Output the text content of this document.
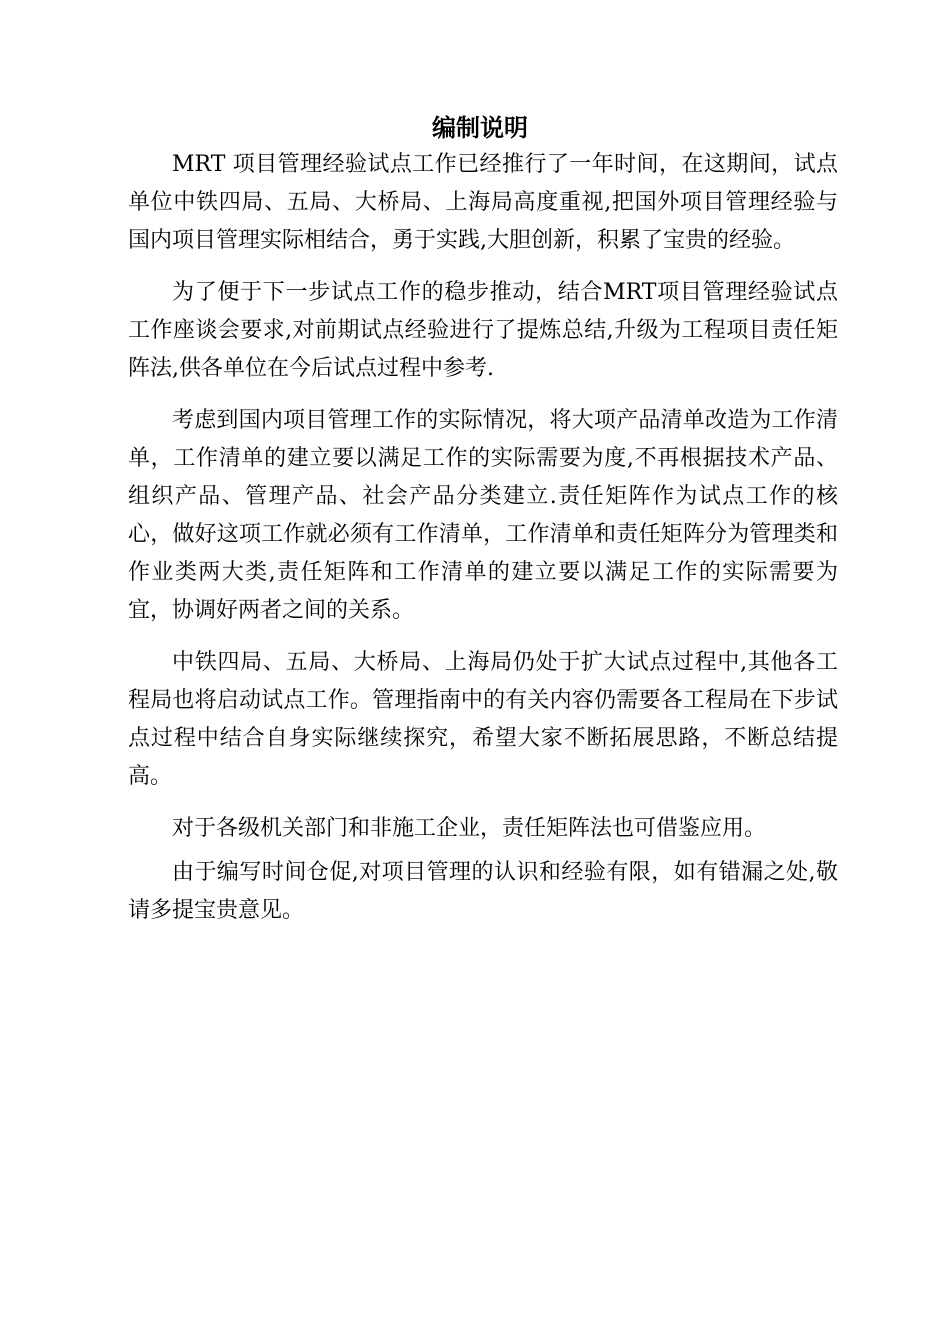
编制说明

MRT 项目管理经验试点工作已经推行了一年时间，在这期间，试点单位中铁四局、五局、大桥局、上海局高度重视,把国外项目管理经验与国内项目管理实际相结合，勇于实践,大胆创新，积累了宝贵的经验。

为了便于下一步试点工作的稳步推动，结合MRT项目管理经验试点工作座谈会要求,对前期试点经验进行了提炼总结,升级为工程项目责任矩阵法,供各单位在今后试点过程中参考.

考虑到国内项目管理工作的实际情况，将大项产品清单改造为工作清单，工作清单的建立要以满足工作的实际需要为度,不再根据技术产品、组织产品、管理产品、社会产品分类建立.责任矩阵作为试点工作的核心，做好这项工作就必须有工作清单，工作清单和责任矩阵分为管理类和作业类两大类,责任矩阵和工作清单的建立要以满足工作的实际需要为宜，协调好两者之间的关系。

中铁四局、五局、大桥局、上海局仍处于扩大试点过程中,其他各工程局也将启动试点工作。管理指南中的有关内容仍需要各工程局在下步试点过程中结合自身实际继续探究，希望大家不断拓展思路，不断总结提高。

对于各级机关部门和非施工企业，责任矩阵法也可借鉴应用。

由于编写时间仓促,对项目管理的认识和经验有限，如有错漏之处,敬请多提宝贵意见。
